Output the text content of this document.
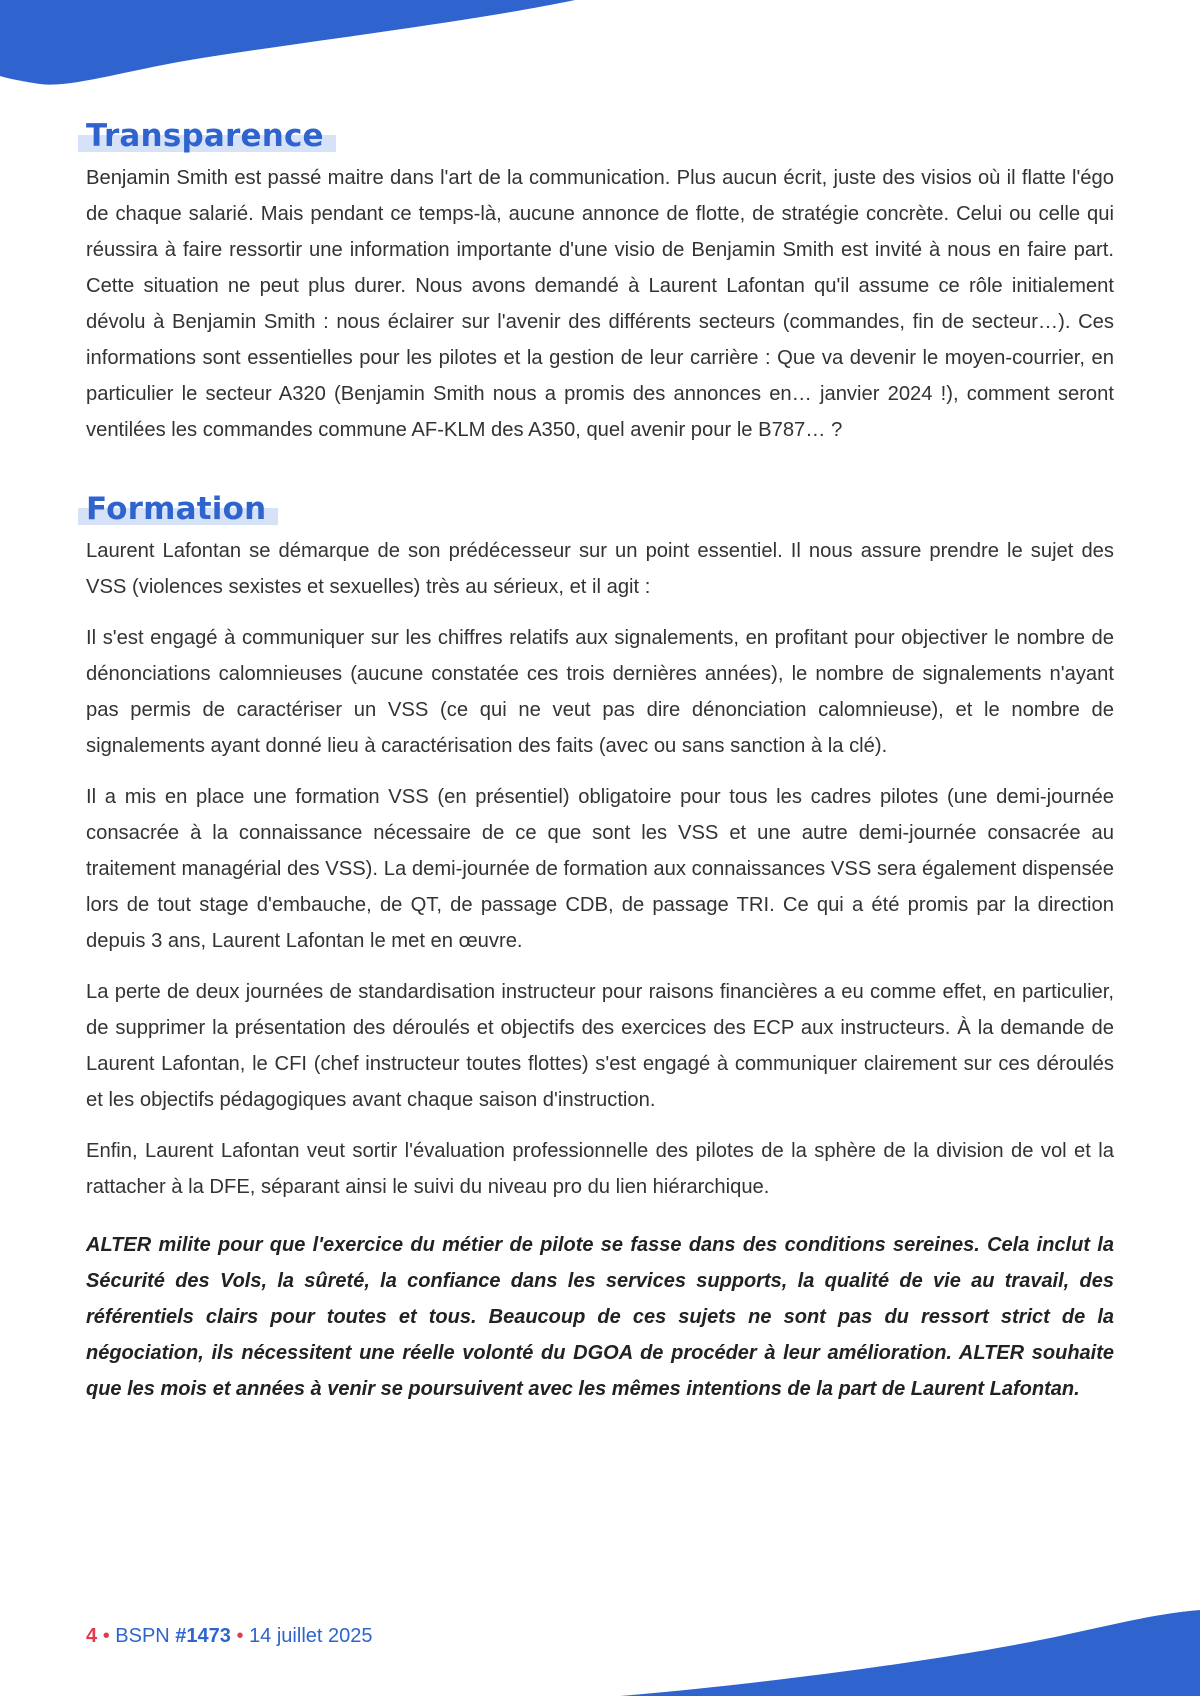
Transparence

Benjamin Smith est passé maitre dans l'art de la communication. Plus aucun écrit, juste des visios où il flatte l'égo de chaque salarié. Mais pendant ce temps-là, aucune annonce de flotte, de stratégie concrète. Celui ou celle qui réussira à faire ressortir une information importante d'une visio de Benjamin Smith est invité à nous en faire part. Cette situation ne peut plus durer. Nous avons demandé à Laurent Lafontan qu'il assume ce rôle initialement dévolu à Benjamin Smith : nous éclairer sur l'avenir des différents secteurs (commandes, fin de secteur…). Ces informations sont essentielles pour les pilotes et la gestion de leur carrière : Que va devenir le moyen-courrier, en particulier le secteur A320 (Benjamin Smith nous a promis des annonces en… janvier 2024 !), comment seront ventilées les commandes commune AF-KLM des A350, quel avenir pour le B787… ?

Formation

Laurent Lafontan se démarque de son prédécesseur sur un point essentiel. Il nous assure prendre le sujet des VSS (violences sexistes et sexuelles) très au sérieux, et il agit :

Il s'est engagé à communiquer sur les chiffres relatifs aux signalements, en profitant pour objectiver le nombre de dénonciations calomnieuses (aucune constatée ces trois dernières années), le nombre de signalements n'ayant pas permis de caractériser un VSS (ce qui ne veut pas dire dénonciation calomnieuse), et le nombre de signalements ayant donné lieu à caractérisation des faits (avec ou sans sanction à la clé).

Il a mis en place une formation VSS (en présentiel) obligatoire pour tous les cadres pilotes (une demi-journée consacrée à la connaissance nécessaire de ce que sont les VSS et une autre demi-journée consacrée au traitement managérial des VSS). La demi-journée de formation aux connaissances VSS sera également dispensée lors de tout stage d'embauche, de QT, de passage CDB, de passage TRI. Ce qui a été promis par la direction depuis 3 ans, Laurent Lafontan le met en œuvre.

La perte de deux journées de standardisation instructeur pour raisons financières a eu comme effet, en particulier, de supprimer la présentation des déroulés et objectifs des exercices des ECP aux instructeurs. À la demande de Laurent Lafontan, le CFI (chef instructeur toutes flottes) s'est engagé à communiquer clairement sur ces déroulés et les objectifs pédagogiques avant chaque saison d'instruction.

Enfin, Laurent Lafontan veut sortir l'évaluation professionnelle des pilotes de la sphère de la division de vol et la rattacher à la DFE, séparant ainsi le suivi du niveau pro du lien hiérarchique.

ALTER milite pour que l'exercice du métier de pilote se fasse dans des conditions sereines. Cela inclut la Sécurité des Vols, la sûreté, la confiance dans les services supports, la qualité de vie au travail, des référentiels clairs pour toutes et tous. Beaucoup de ces sujets ne sont pas du ressort strict de la négociation, ils nécessitent une réelle volonté du DGOA de procéder à leur amélioration. ALTER souhaite que les mois et années à venir se poursuivent avec les mêmes intentions de la part de Laurent Lafontan.

4 • BSPN #1473 • 14 juillet 2025
